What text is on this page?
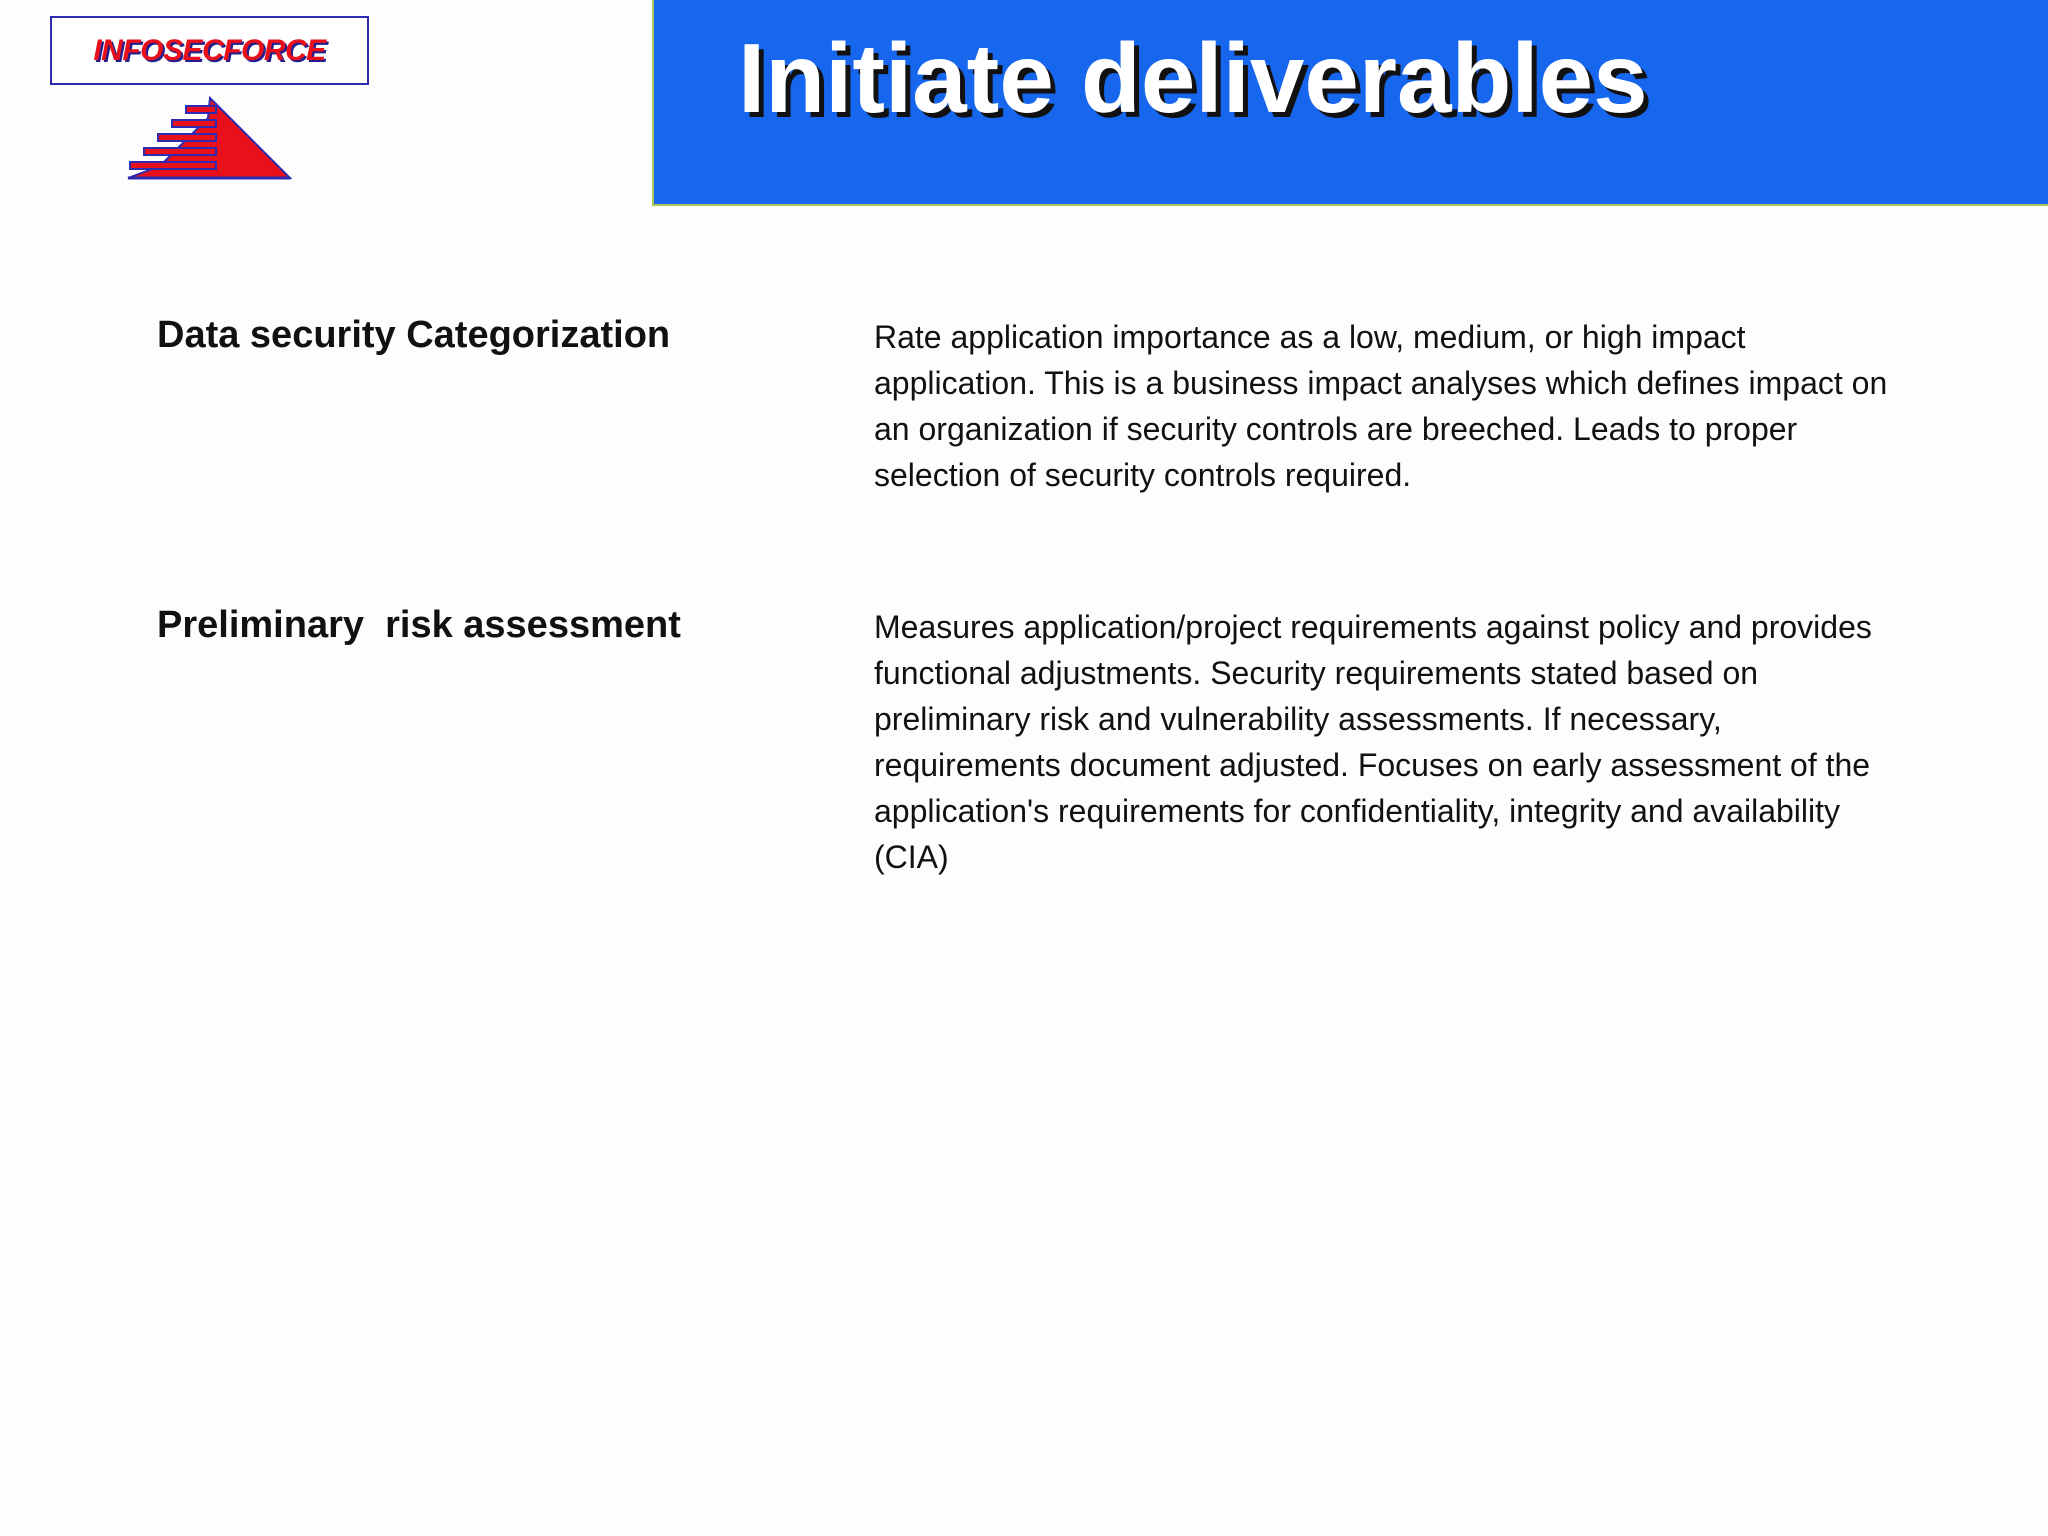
INFOSECFORCE	Initiate deliverables
Data security Categorization	Rate application importance as a low, medium, or high impact
application. This is a business impact analyses which defines impact on
an organization if security controls are breeched. Leads to proper
selection of security controls required.
Preliminary  risk assessment	Measures application/project requirements against policy and provides
functional adjustments. Security requirements stated based on
preliminary risk and vulnerability assessments. If necessary,
requirements document adjusted. Focuses on early assessment of the
application's requirements for confidentiality, integrity and availability
(CIA)
